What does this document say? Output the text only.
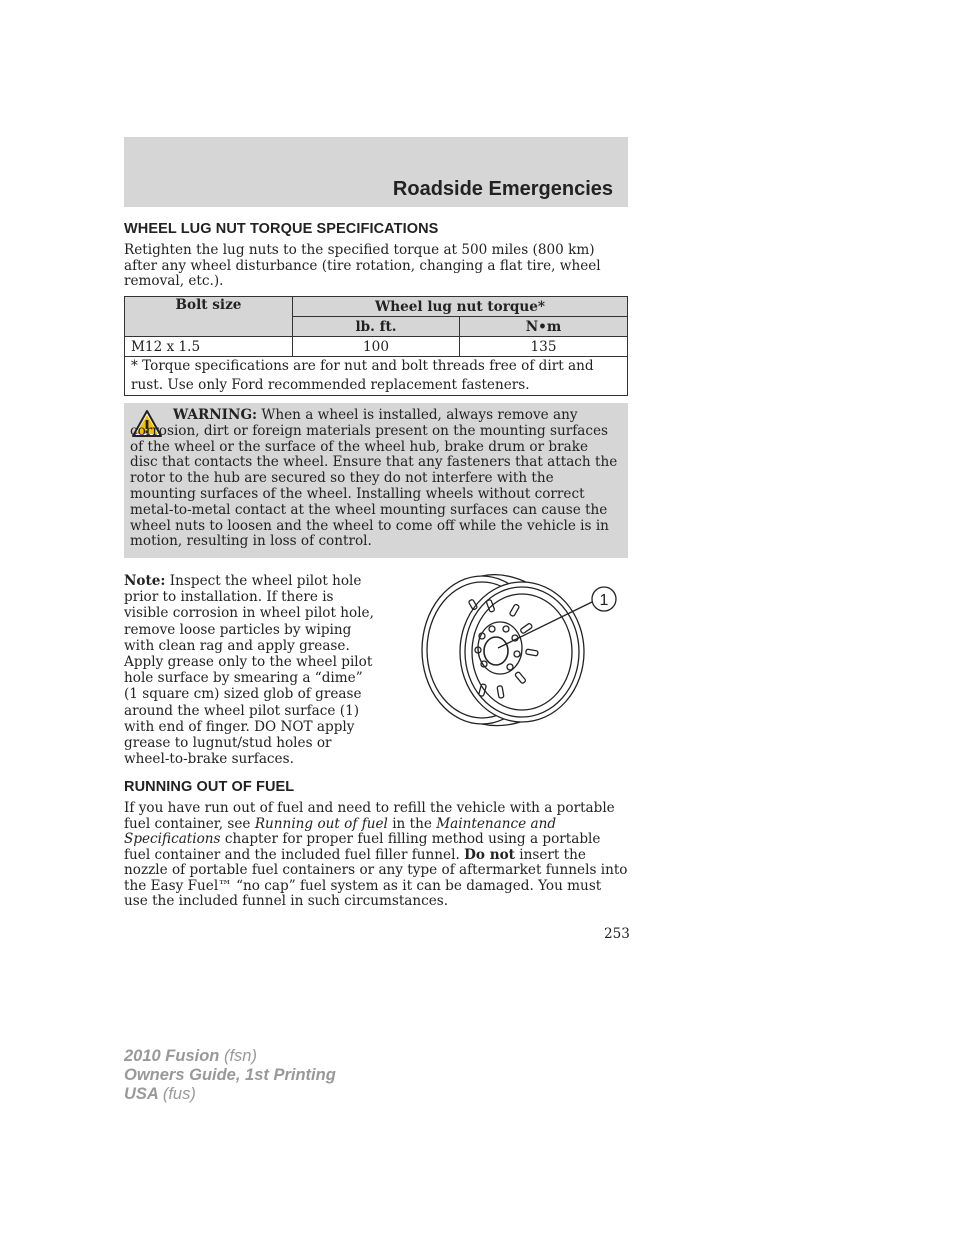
Roadside Emergencies
WHEEL LUG NUT TORQUE SPECIFICATIONS
Retighten the lug nuts to the specified torque at 500 miles (800 km) after any wheel disturbance (tire rotation, changing a flat tire, wheel removal, etc.).
Bolt size	Wheel lug nut torque*	
	lb. ft.	N•m
M12 x 1.5	100	135
* Torque specifications are for nut and bolt threads free of dirt and rust. Use only Ford recommended replacement fasteners.		
WARNING: When a wheel is installed, always remove any corrosion, dirt or foreign materials present on the mounting surfaces of the wheel or the surface of the wheel hub, brake drum or brake disc that contacts the wheel. Ensure that any fasteners that attach the rotor to the hub are secured so they do not interfere with the mounting surfaces of the wheel. Installing wheels without correct metal-to-metal contact at the wheel mounting surfaces can cause the wheel nuts to loosen and the wheel to come off while the vehicle is in motion, resulting in loss of control.
Note: Inspect the wheel pilot hole prior to installation. If there is visible corrosion in wheel pilot hole, remove loose particles by wiping with clean rag and apply grease. Apply grease only to the wheel pilot hole surface by smearing a “dime” (1 square cm) sized glob of grease around the wheel pilot surface (1) with end of finger. DO NOT apply grease to lugnut/stud holes or wheel-to-brake surfaces.
1
RUNNING OUT OF FUEL
If you have run out of fuel and need to refill the vehicle with a portable fuel container, see Running out of fuel in the Maintenance and Specifications chapter for proper fuel filling method using a portable fuel container and the included fuel filler funnel. Do not insert the nozzle of portable fuel containers or any type of aftermarket funnels into the Easy Fuel™ “no cap” fuel system as it can be damaged. You must use the included funnel in such circumstances.
253
2010 Fusion (fsn)
Owners Guide, 1st Printing
USA (fus)
